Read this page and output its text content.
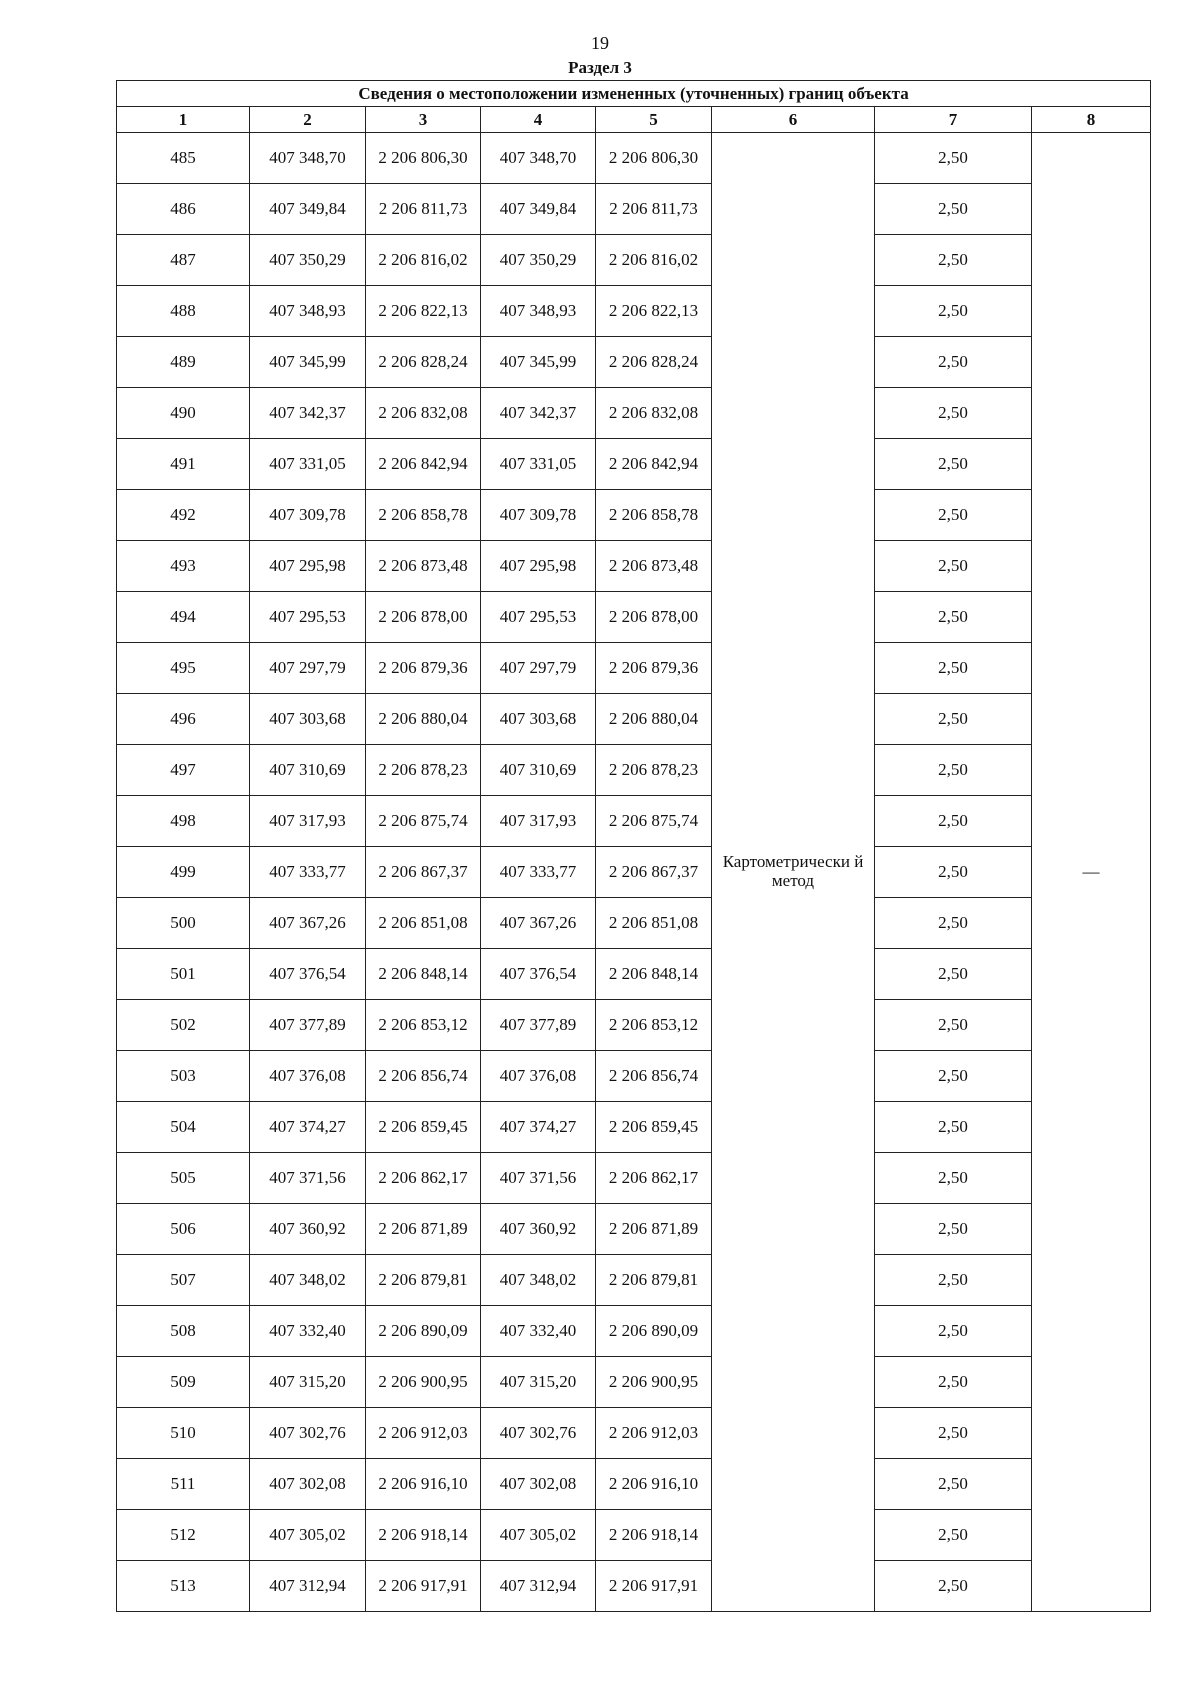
19
Раздел 3
Сведения о местоположении измененных (уточненных) границ объекта							
1	2	3	4	5	6	7	8
485	407 348,70	2 206 806,30	407 348,70	2 206 806,30	Картометрически й метод	2,50	—
486	407 349,84	2 206 811,73	407 349,84	2 206 811,73		2,50	
487	407 350,29	2 206 816,02	407 350,29	2 206 816,02		2,50	
488	407 348,93	2 206 822,13	407 348,93	2 206 822,13		2,50	
489	407 345,99	2 206 828,24	407 345,99	2 206 828,24		2,50	
490	407 342,37	2 206 832,08	407 342,37	2 206 832,08		2,50	
491	407 331,05	2 206 842,94	407 331,05	2 206 842,94		2,50	
492	407 309,78	2 206 858,78	407 309,78	2 206 858,78		2,50	
493	407 295,98	2 206 873,48	407 295,98	2 206 873,48		2,50	
494	407 295,53	2 206 878,00	407 295,53	2 206 878,00		2,50	
495	407 297,79	2 206 879,36	407 297,79	2 206 879,36		2,50	
496	407 303,68	2 206 880,04	407 303,68	2 206 880,04		2,50	
497	407 310,69	2 206 878,23	407 310,69	2 206 878,23		2,50	
498	407 317,93	2 206 875,74	407 317,93	2 206 875,74		2,50	
499	407 333,77	2 206 867,37	407 333,77	2 206 867,37		2,50	
500	407 367,26	2 206 851,08	407 367,26	2 206 851,08		2,50	
501	407 376,54	2 206 848,14	407 376,54	2 206 848,14		2,50	
502	407 377,89	2 206 853,12	407 377,89	2 206 853,12		2,50	
503	407 376,08	2 206 856,74	407 376,08	2 206 856,74		2,50	
504	407 374,27	2 206 859,45	407 374,27	2 206 859,45		2,50	
505	407 371,56	2 206 862,17	407 371,56	2 206 862,17		2,50	
506	407 360,92	2 206 871,89	407 360,92	2 206 871,89		2,50	
507	407 348,02	2 206 879,81	407 348,02	2 206 879,81		2,50	
508	407 332,40	2 206 890,09	407 332,40	2 206 890,09		2,50	
509	407 315,20	2 206 900,95	407 315,20	2 206 900,95		2,50	
510	407 302,76	2 206 912,03	407 302,76	2 206 912,03		2,50	
511	407 302,08	2 206 916,10	407 302,08	2 206 916,10		2,50	
512	407 305,02	2 206 918,14	407 305,02	2 206 918,14		2,50	
513	407 312,94	2 206 917,91	407 312,94	2 206 917,91		2,50	
